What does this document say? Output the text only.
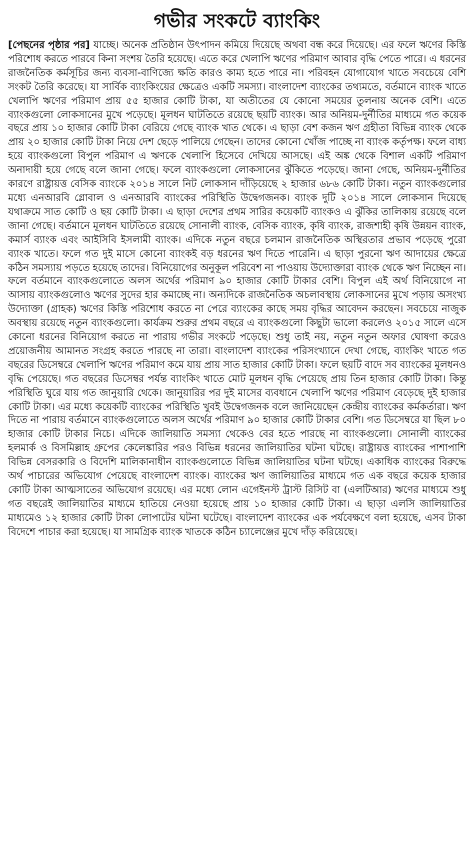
গভীর সংকটে ব্যাংকিং

[পেছনের পৃষ্ঠার পর] যাচ্ছে। অনেক প্রতিষ্ঠান উৎপাদন কমিয়ে দিয়েছে অথবা বন্ধ করে দিয়েছে। এর ফলে ঋণের কিস্তি পরিশোধ করতে পারবে কিনা সংশয় তৈরি হয়েছে। এতে করে খেলাপি ঋণের পরিমাণ আবার বৃদ্ধি পেতে পারে। এ ধরনের রাজনৈতিক কর্মসূচির জন্য ব্যবসা-বাণিজ্যে ক্ষতি কারও কাম্য হতে পারে না। পরিবহন যোগাযোগ খাতে সবচেয়ে বেশি সংকট তৈরি করেছে। যা সার্বিক ব্যাংকিংয়ের ক্ষেত্রেও একটি সমস্যা। বাংলাদেশ ব্যাংকের তথ্যমতে, বর্তমানে ব্যাংক খাতে খেলাপি ঋণের পরিমাণ প্রায় ৫৫ হাজার কোটি টাকা, যা অতীতের যে কোনো সময়ের তুলনায় অনেক বেশি। এতে ব্যাংকগুলো লোকসানের মুখে পড়েছে। মূলধন ঘাটতিতে রয়েছে ছয়টি ব্যাংক। আর অনিয়ম-দুর্নীতির মাধ্যমে গত কয়েক বছরে প্রায় ১০ হাজার কোটি টাকা বেরিয়ে গেছে ব্যাংক খাত থেকে। এ ছাড়া বেশ কজন ঋণ গ্রহীতা বিভিন্ন ব্যাংক থেকে প্রায় ২০ হাজার কোটি টাকা নিয়ে দেশ ছেড়ে পালিয়ে গেছেন। তাদের কোনো খোঁজ পাচ্ছে না ব্যাংক কর্তৃপক্ষ। ফলে বাধ্য হয়ে ব্যাংকগুলো বিপুল পরিমাণ এ ঋণকে খেলাপি হিসেবে দেখিয়ে আসছে। এই অঙ্ক থেকে বিশাল একটি পরিমাণ অনাদায়ী হয়ে গেছে বলে জানা গেছে। ফলে ব্যাংকগুলো লোকসানের ঝুঁকিতে পড়েছে। জানা গেছে, অনিয়ম-দুর্নীতির কারণে রাষ্ট্রায়ত্ত বেসিক ব্যাংকে ২০১৪ সালে নিট লোকসান দাঁড়িয়েছে ২ হাজার ৬৮৬ কোটি টাকা। নতুন ব্যাংকগুলোর মধ্যে এনআরবি গ্লোবাল ও এনআরবি ব্যাংকের পরিস্থিতি উদ্বেগজনক। ব্যাংক দুটি ২০১৪ সালে লোকসান দিয়েছে যথাক্রমে সাত কোটি ও ছয় কোটি টাকা। এ ছাড়া দেশের প্রথম সারির কয়েকটি ব্যাংকও এ ঝুঁকির তালিকায় রয়েছে বলে জানা গেছে। বর্তমানে মূলধন ঘাটতিতে রয়েছে সোনালী ব্যাংক, বেসিক ব্যাংক, কৃষি ব্যাংক, রাজশাহী কৃষি উন্নয়ন ব্যাংক, কমার্স ব্যাংক এবং আইসিবি ইসলামী ব্যাংক। এদিকে নতুন বছরে চলমান রাজনৈতিক অস্থিরতার প্রভাব পড়েছে পুরো ব্যাংক খাতে। ফলে গত দুই মাসে কোনো ব্যাংকই বড় ধরনের ঋণ দিতে পারেনি। এ ছাড়া পুরনো ঋণ আদায়ের ক্ষেত্রে কঠিন সমস্যায় পড়তে হয়েছে তাদের। বিনিয়োগের অনুকূল পরিবেশ না পাওয়ায় উদ্যোক্তারা ব্যাংক থেকে ঋণ নিচ্ছেন না। ফলে বর্তমানে ব্যাংকগুলোতে অলস অর্থের পরিমাণ ৯০ হাজার কোটি টাকার বেশি। বিপুল এই অর্থ বিনিয়োগে না আসায় ব্যাংকগুলোও ঋণের সুদের হার কমাচ্ছে না। অন্যদিকে রাজনৈতিক অচলাবস্থায় লোকসানের মুখে পড়ায় অসংখ্য উদ্যোক্তা (গ্রাহক) ঋণের কিস্তি পরিশোধ করতে না পেরে ব্যাংকের কাছে সময় বৃদ্ধির আবেদন করছেন। সবচেয়ে নাজুক অবস্থায় রয়েছে নতুন ব্যাংকগুলো। কার্যক্রম শুরুর প্রথম বছরে এ ব্যাংকগুলো কিছুটা ভালো করলেও ২০১৫ সালে এসে কোনো ধরনের বিনিয়োগ করতে না পারায় গভীর সংকটে পড়েছে। শুধু তাই নয়, নতুন নতুন অফার ঘোষণা করেও প্রয়োজনীয় আমানত সংগ্রহ করতে পারছে না তারা। বাংলাদেশ ব্যাংকের পরিসংখ্যানে দেখা গেছে, ব্যাংকিং খাতে গত বছরের ডিসেম্বরে খেলাপি ঋণের পরিমাণ কমে যায় প্রায় সাত হাজার কোটি টাকা। ফলে ছয়টি বাদে সব ব্যাংকের মূলধনও বৃদ্ধি পেয়েছে। গত বছরের ডিসেম্বর পর্যন্ত ব্যাংকিং খাতে মোট মূলধন বৃদ্ধি পেয়েছে প্রায় তিন হাজার কোটি টাকা। কিন্তু পরিস্থিতি ঘুরে যায় গত জানুয়ারি থেকে। জানুয়ারির পর দুই মাসের ব্যবধানে খেলাপি ঋণের পরিমাণ বেড়েছে দুই হাজার কোটি টাকা। এর মধ্যে কয়েকটি ব্যাংকের পরিস্থিতি খুবই উদ্বেগজনক বলে জানিয়েছেন কেন্দ্রীয় ব্যাংকের কর্মকর্তারা। ঋণ দিতে না পারায় বর্তমানে ব্যাংকগুলোতে অলস অর্থের পরিমাণ ৯০ হাজার কোটি টাকার বেশি। গত ডিসেম্বরে যা ছিল ৮০ হাজার কোটি টাকার নিচে। এদিকে জালিয়াতি সমস্যা থেকেও বের হতে পারছে না ব্যাংকগুলো। সোনালী ব্যাংকের হলমার্ক ও বিসমিল্লাহ গ্রুপের কেলেঙ্কারির পরও বিভিন্ন ধরনের জালিয়াতির ঘটনা ঘটছে। রাষ্ট্রায়ত্ত ব্যাংকের পাশাপাশি বিভিন্ন বেসরকারি ও বিদেশি মালিকানাধীন ব্যাংকগুলোতে বিভিন্ন জালিয়াতির ঘটনা ঘটছে। একাধিক ব্যাংকের বিরুদ্ধে অর্থ পাচারের অভিযোগ পেয়েছে বাংলাদেশ ব্যাংক। ব্যাংকের ঋণ জালিয়াতির মাধ্যমে গত এক বছরে কয়েক হাজার কোটি টাকা আত্মসাতের অভিযোগ রয়েছে। এর মধ্যে লোন এগেইনস্ট ট্রাস্ট রিসিট বা (এলটিআর) ঋণের মাধ্যমে শুধু গত বছরেই জালিয়াতির মাধ্যমে হাতিয়ে নেওয়া হয়েছে প্রায় ১০ হাজার কোটি টাকা। এ ছাড়া এলসি জালিয়াতির মাধ্যমেও ১২ হাজার কোটি টাকা লোপাটের ঘটনা ঘটেছে। বাংলাদেশ ব্যাংকের এক পর্যবেক্ষণে বলা হয়েছে, এসব টাকা বিদেশে পাচার করা হয়েছে। যা সামগ্রিক ব্যাংক খাতকে কঠিন চ্যালেঞ্জের মুখে দাঁড় করিয়েছে।
